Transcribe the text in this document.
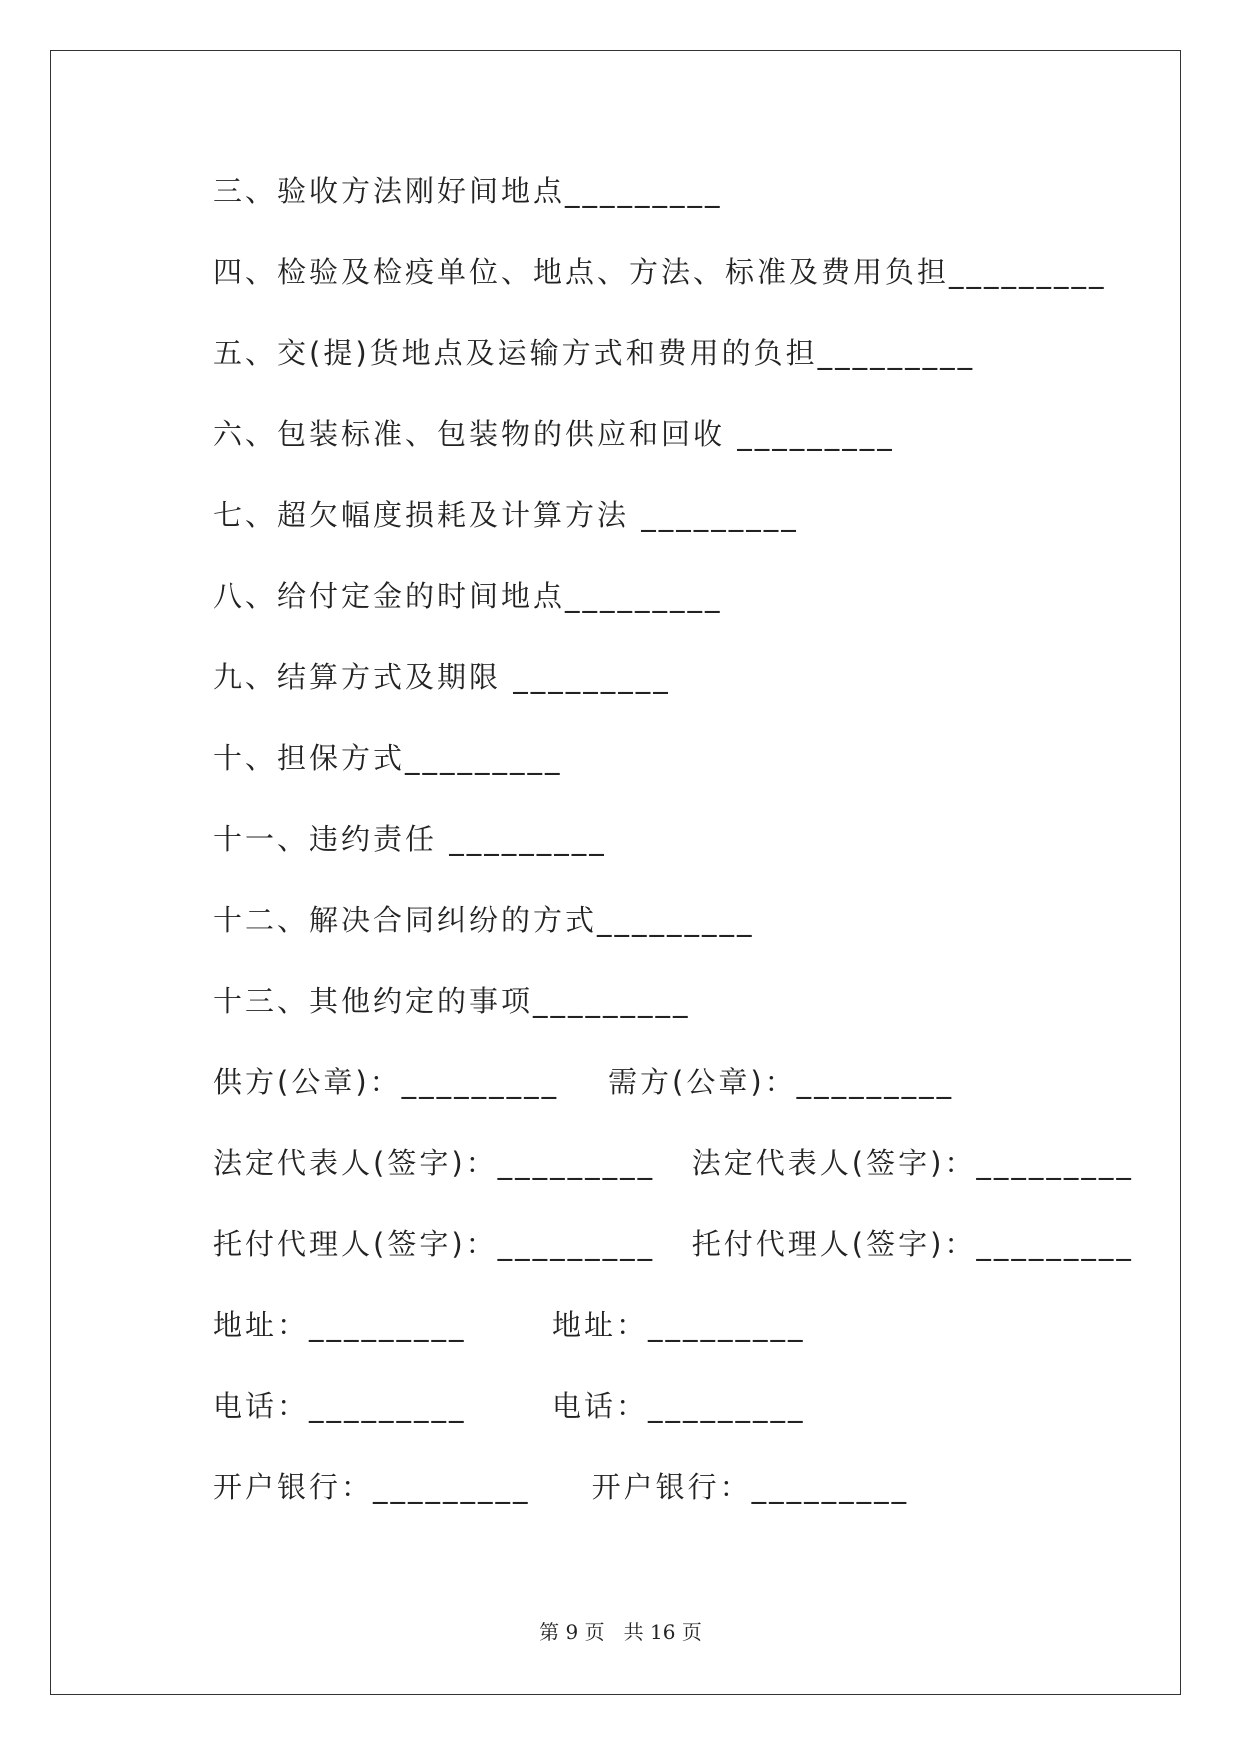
三、验收方法刚好间地点_________
四、检验及检疫单位、地点、方法、标准及费用负担_________
五、交(提)货地点及运输方式和费用的负担_________
六、包装标准、包装物的供应和回收 _________
七、超欠幅度损耗及计算方法 _________
八、给付定金的时间地点_________
九、结算方式及期限 _________
十、担保方式_________
十一、违约责任 _________
十二、解决合同纠纷的方式_________
十三、其他约定的事项_________
供方(公章)：_________    需方(公章)：_________
法定代表人(签字)：_________   法定代表人(签字)：_________
托付代理人(签字)：_________   托付代理人(签字)：_________
地址：_________       地址：_________
电话：_________       电话：_________
开户银行：_________     开户银行：_________
第 9 页   共 16 页
